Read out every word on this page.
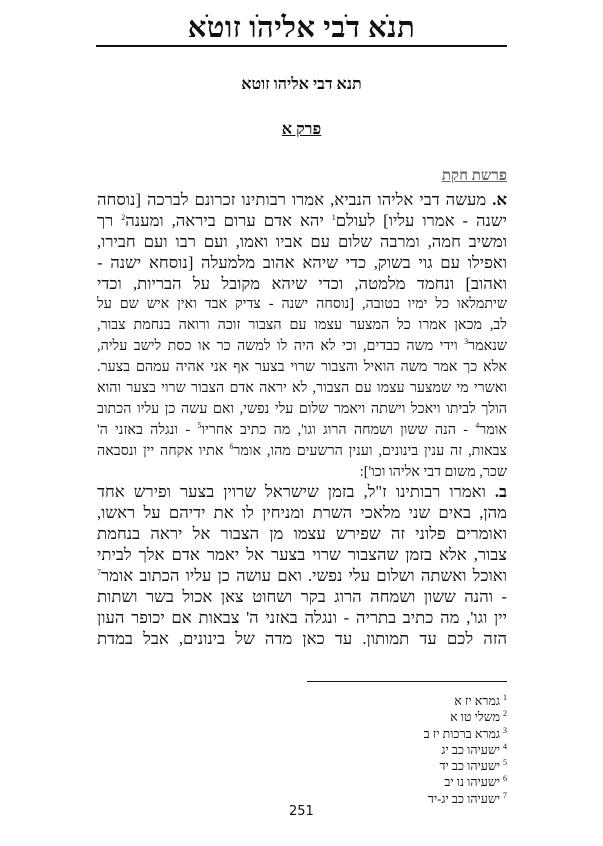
תנׂא דׂבי אלׂיהׂו זוטׂא
תנא דבי אליהו זוטא
פרק א
פרשת חקת
א. מעשה דבי אליהו הנביא, אמרו רבותינו זכרונם לברכה [נוסחה
ישנה - אמרו עליו] לעולם$^1$ יהא אדם ערום ביראה, ומענה$^2$ רך
ומשיב חמה, ומרבה שלום עם אביו ואמו, ועם רבו ועם חבירו,
ואפילו עם גוי בשוק, כדי שיהא אהוב מלמעלה [נוסחא ישנה -
ואהוב] ונחמד מלמטה, וכדי שיהא מקובל על הבריות, וכדי
שיתמלאו כל ימיו בטובה, [נוסחה ישנה - צדיק אבד ואין איש שם על
לב, מכאן אמרו כל המצער עצמו עם הצבור זוכה ורואה בנחמת צבור,
שנאמר$^3$ וידי משה כבדים, וכי לא היה לו למשה כר או כסת לישב עליה,
אלא כך אמר משה הואיל והצבור שרוי בצער אף אני אהיה עמהם בצער.
ואשרי מי שמצער עצמו עם הצבור, לא יראה אדם הצבור שרוי בצער והוא
הולך לביתו ויאכל וישתה ויאמר שלום עלי נפשי, ואם עשה כן עליו הכתוב
אומר$^4$ - הנה ששון ושמחה הרוג וגו', מה כתיב אחריו$^5$ - ונגלה באזני ה'
צבאות, זה ענין בינונים, וענין הרשעים מהו, אומר$^6$ אתיו אקחה יין ונסבאה
שכר, משום דבי אליהו וכו']:
ב. ואמרו רבותינו ז"ל, בזמן שישראל שרוין בצער ופירש אחד
מהן, באים שני מלאכי השרת ומניחין לו את ידיהם על ראשו,
ואומרים פלוני זה שפירש עצמו מן הצבור אל יראה בנחמת
צבור, אלא בזמן שהצבור שרוי בצער אל יאמר אדם אלך לביתי
ואוכל ואשתה ושלום עלי נפשי. ואם עושה כן עליו הכתוב אומר$^7$
- והנה ששון ושמחה הרוג בקר ושחוט צאן אכול בשר ושתות
יין וגו', מה כתיב בתריה - ונגלה באזני ה' צבאות אם יכופר העון
הזה לכם עד תמותון. עד כאן מדה של בינונים, אבל במדת
$^1$גמרא יז א
$^2$משלי טו א
$^3$גמרא ברכות יז ב
$^4$ישעיהו כב יג
$^5$ישעיהו כב יד
$^6$ישעיהו נו יב
$^7$ישעיהו כב יג-יד
251
